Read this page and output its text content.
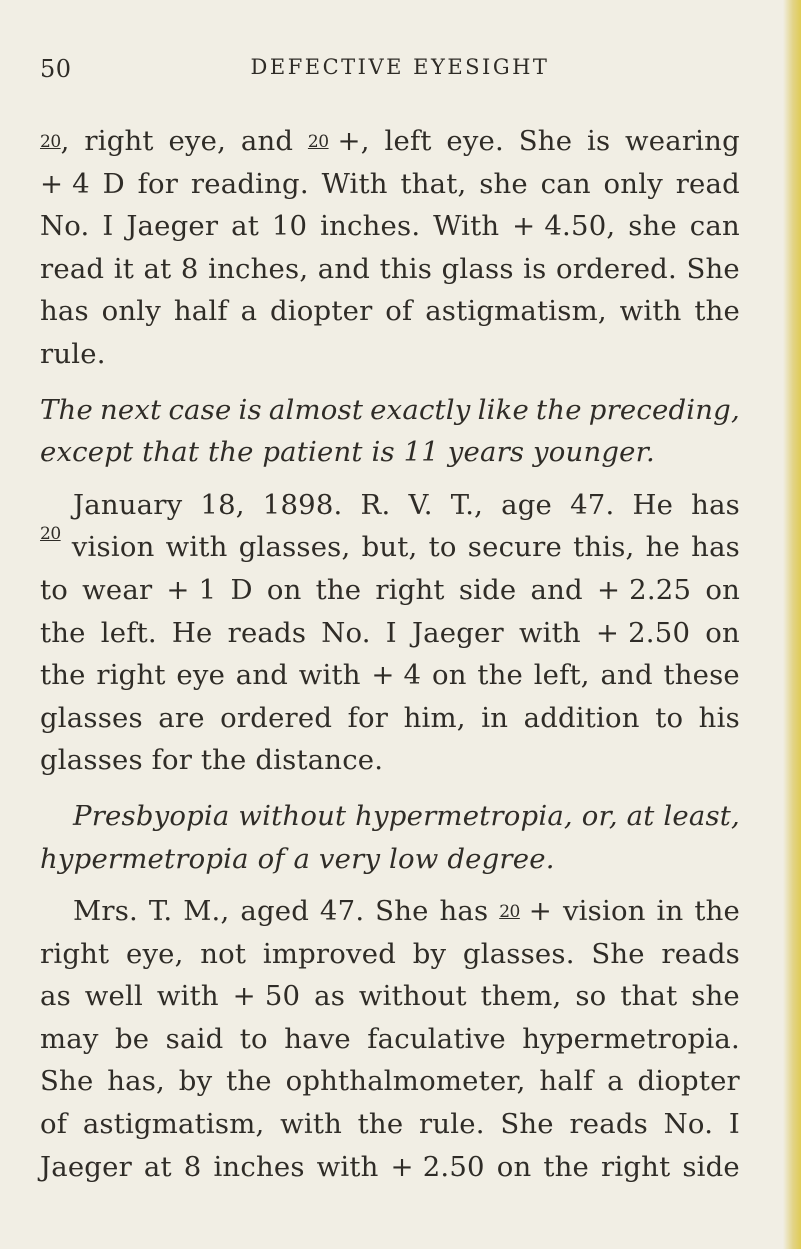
50	DEFECTIVE EYESIGHT
20, right eye, and 20 +, left eye. She is wearing
+ 4 D for reading. With that, she can only read
No. I Jaeger at 10 inches. With + 4.50, she can
read it at 8 inches, and this glass is ordered. She
has only half a diopter of astigmatism, with the
rule.
The next case is almost exactly like the preceding,
except that the patient is 11 years younger.
January 18, 1898. R. V. T., age 47. He has
20 vision with glasses, but, to secure this, he has
to wear + 1 D on the right side and + 2.25 on
the left. He reads No. I Jaeger with + 2.50 on
the right eye and with + 4 on the left, and these
glasses are ordered for him, in addition to his
glasses for the distance.
Presbyopia without hypermetropia, or, at least,
hypermetropia of a very low degree.
Mrs. T. M., aged 47. She has 20 + vision in the
right eye, not improved by glasses. She reads
as well with + 50 as without them, so that she
may be said to have faculative hypermetropia.
She has, by the ophthalmometer, half a diopter
of astigmatism, with the rule. She reads No. I
Jaeger at 8 inches with + 2.50 on the right side
